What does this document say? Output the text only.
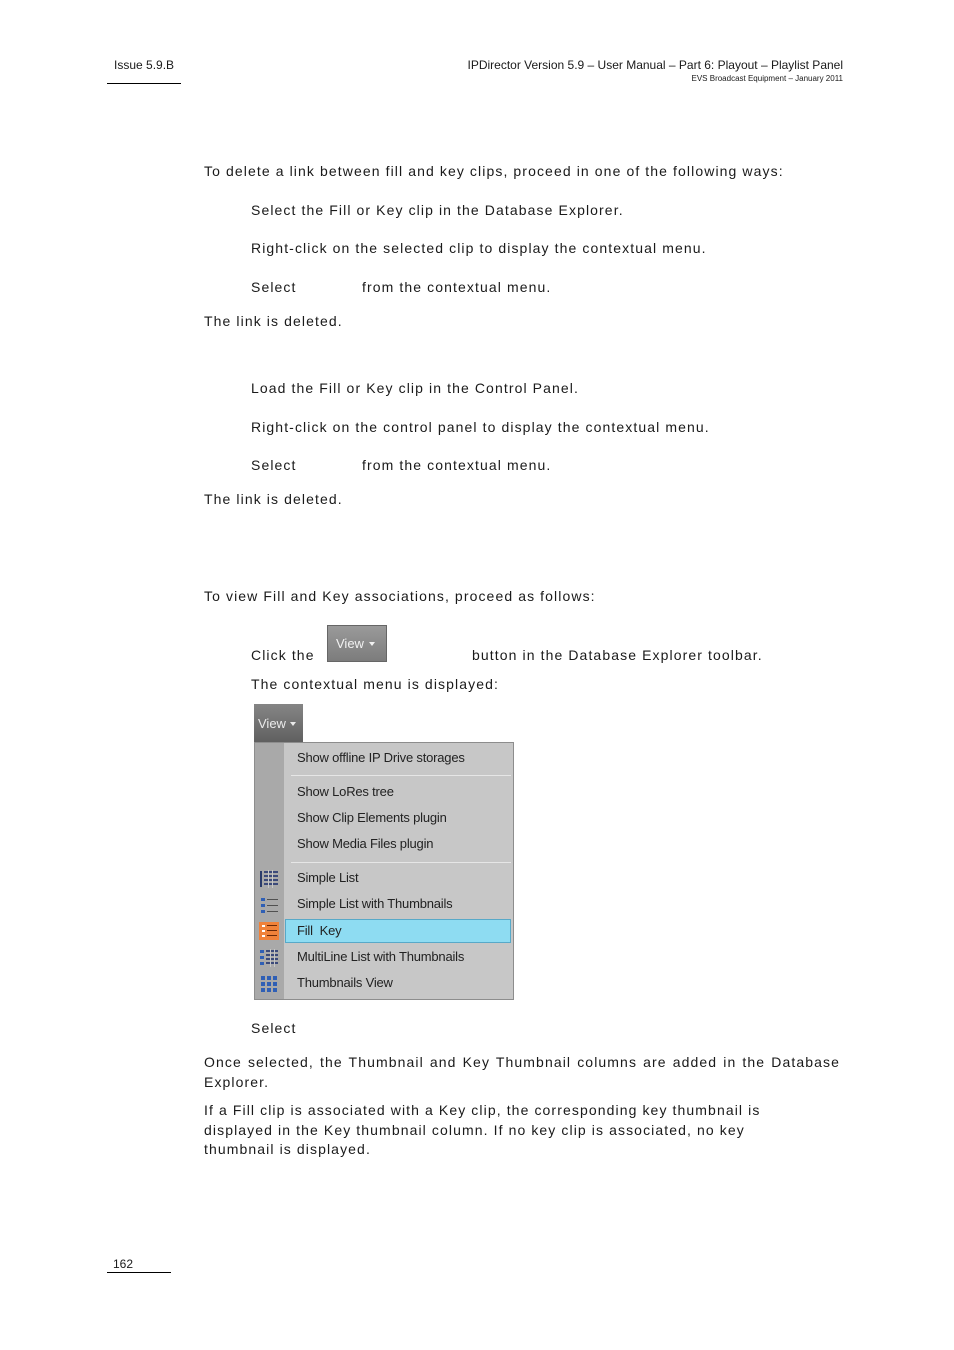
Issue 5.9.B	IPDirector Version 5.9 – User Manual – Part 6: Playout – Playlist Panel
EVS Broadcast Equipment – January 2011
To delete a link between fill and key clips, proceed in one of the following ways:
Select the Fill or Key clip in the Database Explorer.
Right-click on the selected clip to display the contextual menu.
Select	from the contextual menu.
The link is deleted.
Load the Fill or Key clip in the Control Panel.
Right-click on the control panel to display the contextual menu.
Select	from the contextual menu.
The link is deleted.
To view Fill and Key associations, proceed as follows:
Click the
View
button in the Database Explorer toolbar.
The contextual menu is displayed:
View
Show offline IP Drive storages
Show LoRes tree
Show Clip Elements plugin
Show Media Files plugin
Simple List
Simple List with Thumbnails
Fill  Key
MultiLine List with Thumbnails
Thumbnails View
Select
Once selected, the Thumbnail and Key Thumbnail columns are added in the Database Explorer.
If a Fill clip is associated with a Key clip, the corresponding key thumbnail is displayed in the Key thumbnail column. If no key clip is associated, no key thumbnail is displayed.
162
